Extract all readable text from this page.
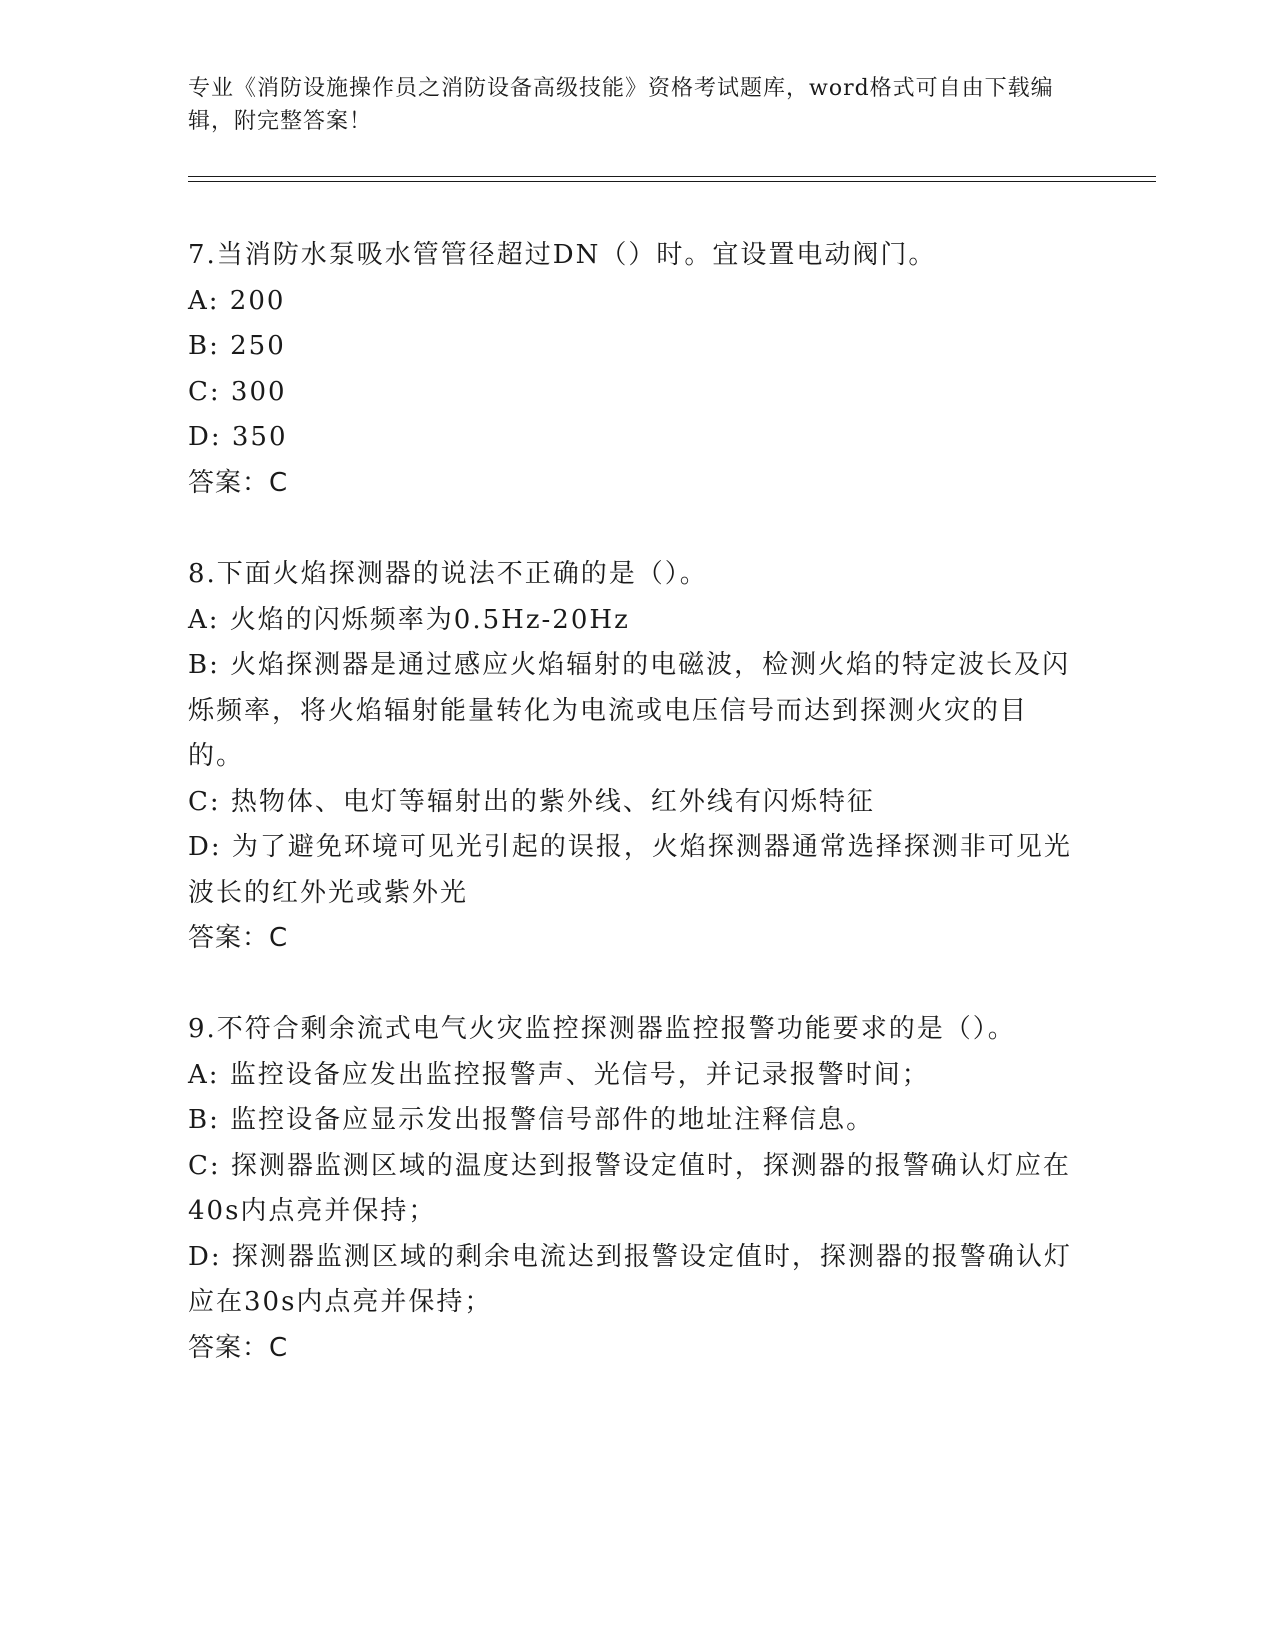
专业《消防设施操作员之消防设备高级技能》资格考试题库，word格式可自由下载编辑，附完整答案！
7.当消防水泵吸水管管径超过DN（）时。宜设置电动阀门。
A: 200
B: 250
C: 300
D: 350
答案：C
8.下面火焰探测器的说法不正确的是（）。
A: 火焰的闪烁频率为0.5Hz-20Hz
B: 火焰探测器是通过感应火焰辐射的电磁波，检测火焰的特定波长及闪烁频率，将火焰辐射能量转化为电流或电压信号而达到探测火灾的目的。
C: 热物体、电灯等辐射出的紫外线、红外线有闪烁特征
D: 为了避免环境可见光引起的误报，火焰探测器通常选择探测非可见光波长的红外光或紫外光
答案：C
9.不符合剩余流式电气火灾监控探测器监控报警功能要求的是（）。
A: 监控设备应发出监控报警声、光信号，并记录报警时间；
B: 监控设备应显示发出报警信号部件的地址注释信息。
C: 探测器监测区域的温度达到报警设定值时，探测器的报警确认灯应在40s内点亮并保持；
D: 探测器监测区域的剩余电流达到报警设定值时，探测器的报警确认灯应在30s内点亮并保持；
答案：C
